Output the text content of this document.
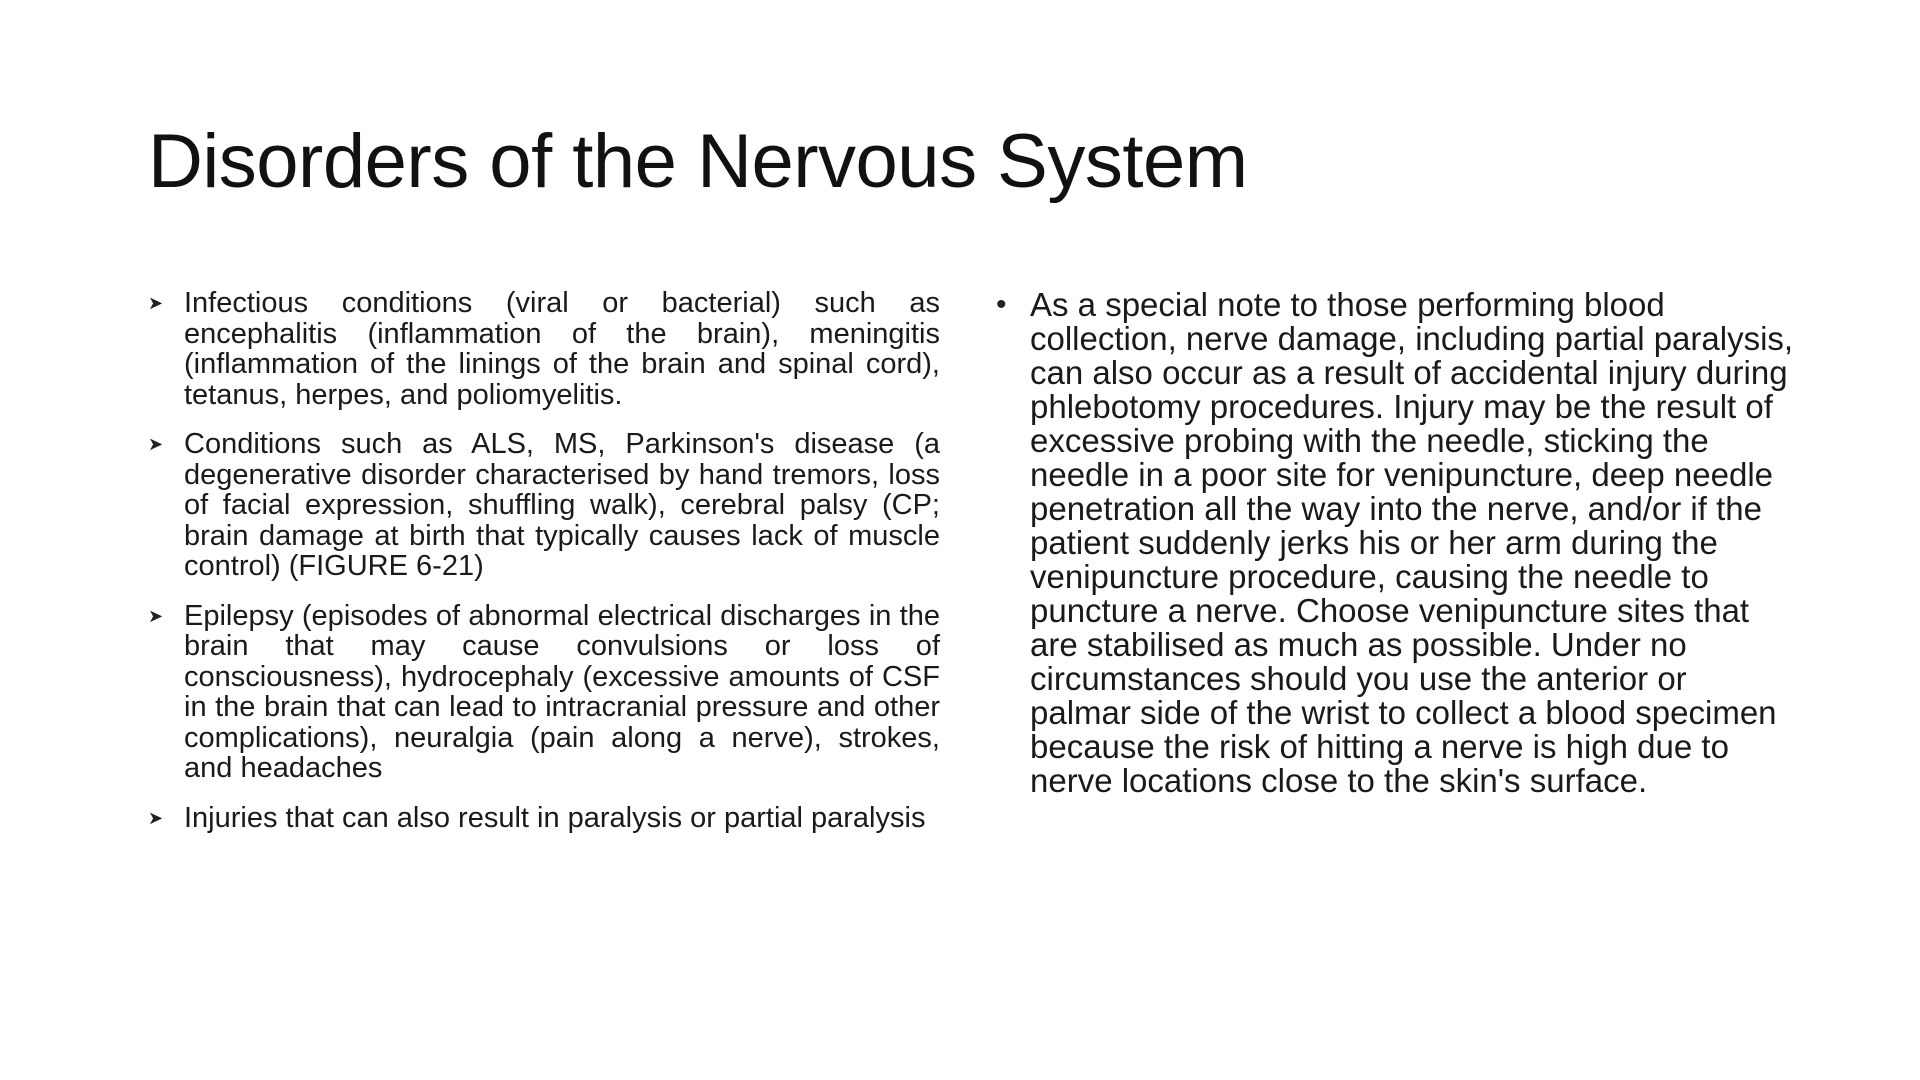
Disorders of the Nervous System
➤ Infectious conditions (viral or bacterial) such as encephalitis (inflammation of the brain), meningitis (inflammation of the linings of the brain and spinal cord), tetanus, herpes, and poliomyelitis.
➤ Conditions such as ALS, MS, Parkinson's disease (a degenerative disorder characterised by hand tremors, loss of facial expression, shuffling walk), cerebral palsy (CP; brain damage at birth that typically causes lack of muscle control) (FIGURE 6-21)
➤ Epilepsy (episodes of abnormal electrical discharges in the brain that may cause convulsions or loss of consciousness), hydrocephaly (excessive amounts of CSF in the brain that can lead to intracranial pressure and other complications), neuralgia (pain along a nerve), strokes, and headaches
➤ Injuries that can also result in paralysis or partial paralysis
• As a special note to those performing blood collection, nerve damage, including partial paralysis, can also occur as a result of accidental injury during phlebotomy procedures. Injury may be the result of excessive probing with the needle, sticking the needle in a poor site for venipuncture, deep needle penetration all the way into the nerve, and/or if the patient suddenly jerks his or her arm during the venipuncture procedure, causing the needle to puncture a nerve. Choose venipuncture sites that are stabilised as much as possible. Under no circumstances should you use the anterior or palmar side of the wrist to collect a blood specimen because the risk of hitting a nerve is high due to nerve locations close to the skin's surface.
